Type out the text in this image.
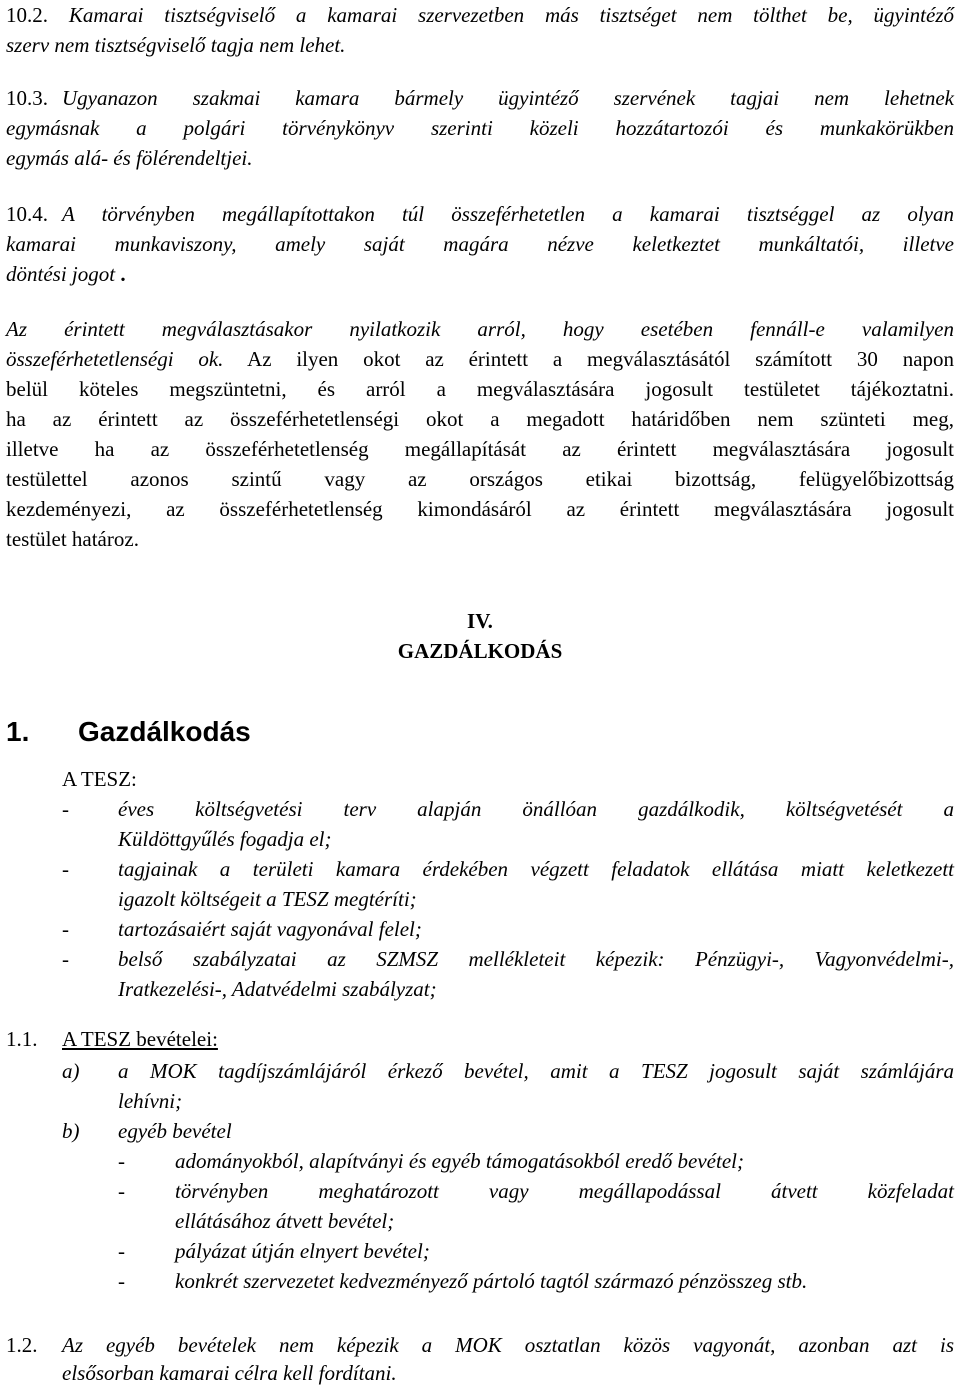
10.2. Kamarai tisztségviselő a kamarai szervezetben más tisztséget nem tölthet be, ügyintéző
szerv nem tisztségviselő tagja nem lehet.
10.3. Ugyanazon szakmai kamara bármely ügyintéző szervének tagjai nem lehetnek
egymásnak a polgári törvénykönyv szerinti közeli hozzátartozói és munkakörükben
egymás alá- és fölérendeltjei.
10.4. A törvényben megállapítottakon túl összeférhetetlen a kamarai tisztséggel az olyan
kamarai munkaviszony, amely saját magára nézve keletkeztet munkáltatói, illetve
döntési jogot .
Az érintett megválasztásakor nyilatkozik arról, hogy esetében fennáll-e valamilyen
összeférhetetlenségi ok. Az ilyen okot az érintett a megválasztásától számított 30 napon
belül köteles megszüntetni, és arról a megválasztására jogosult testületet tájékoztatni.
ha az érintett az összeférhetetlenségi okot a megadott határidőben nem szünteti meg,
illetve ha az összeférhetetlenség megállapítását az érintett megválasztására jogosult
testülettel azonos szintű vagy az országos etikai bizottság, felügyelőbizottság
kezdeményezi, az összeférhetetlenség kimondásáról az érintett megválasztására jogosult
testület határoz.
IV.
GAZDÁLKODÁS
1. Gazdálkodás
A TESZ:
- éves költségvetési terv alapján önállóan gazdálkodik, költségvetését a
Küldöttgyűlés fogadja el;
- tagjainak a területi kamara érdekében végzett feladatok ellátása miatt keletkezett
igazolt költségeit a TESZ megtéríti;
- tartozásaiért saját vagyonával felel;
- belső szabályzatai az SZMSZ mellékleteit képezik: Pénzügyi-, Vagyonvédelmi-,
Iratkezelési-, Adatvédelmi szabályzat;
1.1. A TESZ bevételei:
a) a MOK tagdíjszámlájáról érkező bevétel, amit a TESZ jogosult saját számlájára
lehívni;
b) egyéb bevétel
- adományokból, alapítványi és egyéb támogatásokból eredő bevétel;
- törvényben meghatározott vagy megállapodással átvett közfeladat
ellátásához átvett bevétel;
- pályázat útján elnyert bevétel;
- konkrét szervezetet kedvezményező pártoló tagtól származó pénzösszeg stb.
1.2. Az egyéb bevételek nem képezik a MOK osztatlan közös vagyonát, azonban azt is
elsősorban kamarai célra kell fordítani.
